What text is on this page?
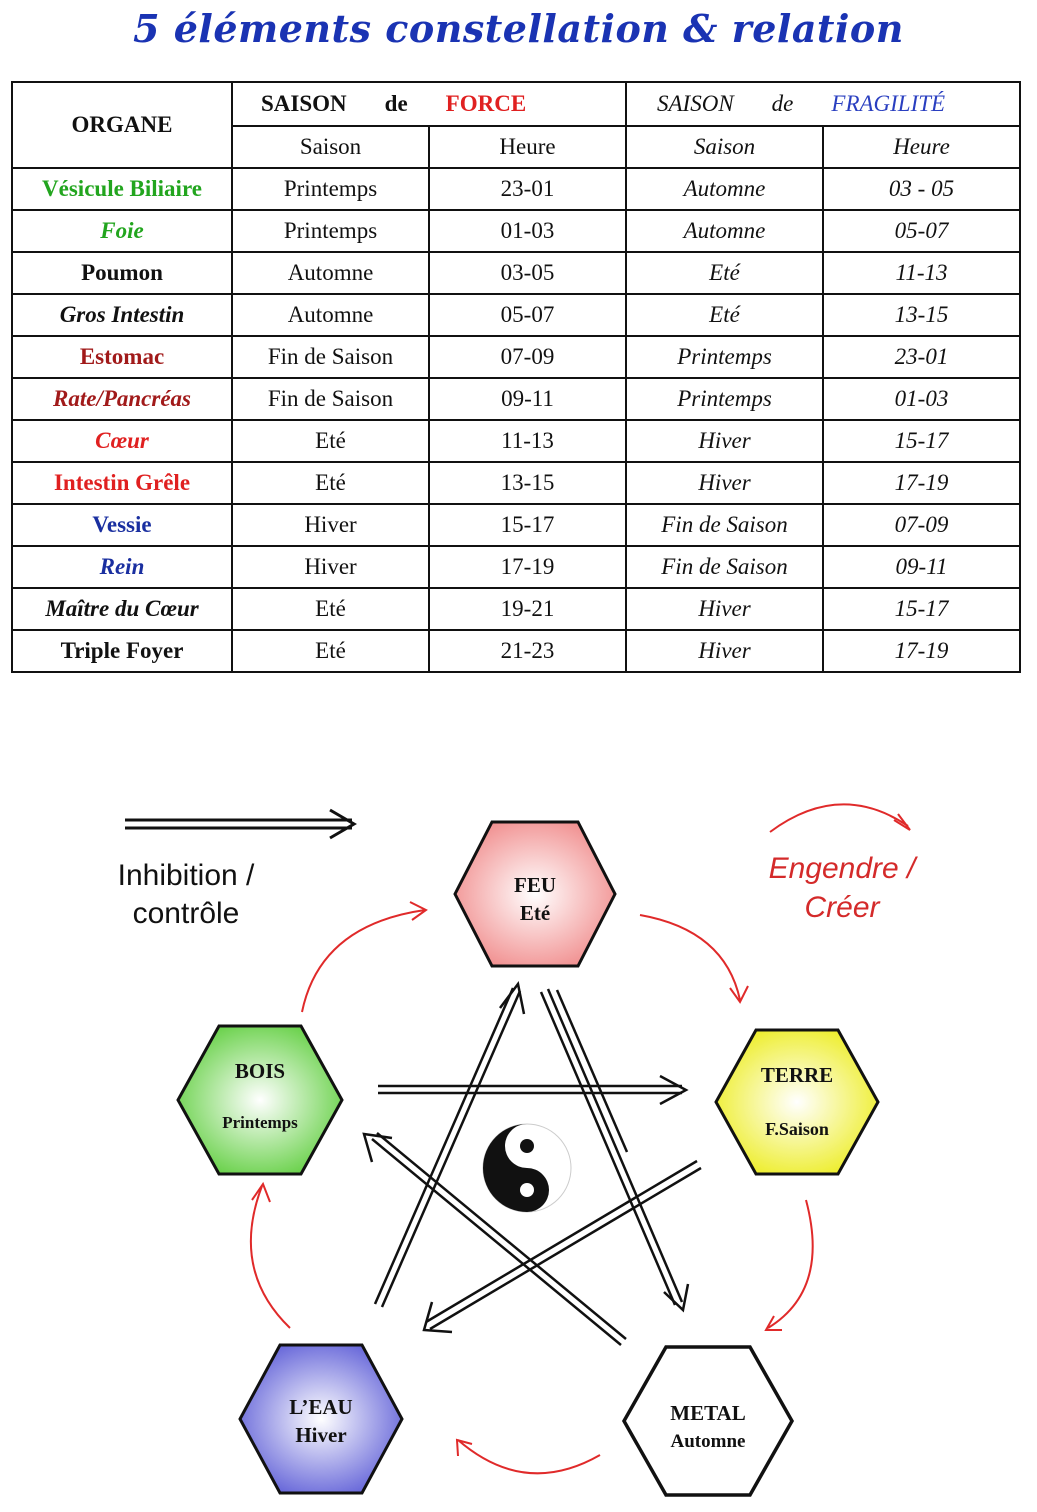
5 éléments constellation & relation
ORGANE	SAISON de FORCE		SAISON de FRAGILITÉ	
	Saison	Heure	Saison	Heure
Vésicule Biliaire	Printemps	23-01	Automne	03 - 05
Foie	Printemps	01-03	Automne	05-07
Poumon	Automne	03-05	Eté	11-13
Gros Intestin	Automne	05-07	Eté	13-15
Estomac	Fin de Saison	07-09	Printemps	23-01
Rate/Pancréas	Fin de Saison	09-11	Printemps	01-03
Cœur	Eté	11-13	Hiver	15-17
Intestin Grêle	Eté	13-15	Hiver	17-19
Vessie	Hiver	15-17	Fin de Saison	07-09
Rein	Hiver	17-19	Fin de Saison	09-11
Maître du Cœur	Eté	19-21	Hiver	15-17
Triple Foyer	Eté	21-23	Hiver	17-19
Inhibition /
contrôle
Engendre /
Créer
FEU
Eté
TERRE
F.Saison
METAL
Automne
L’EAU
Hiver
BOIS
Printemps
